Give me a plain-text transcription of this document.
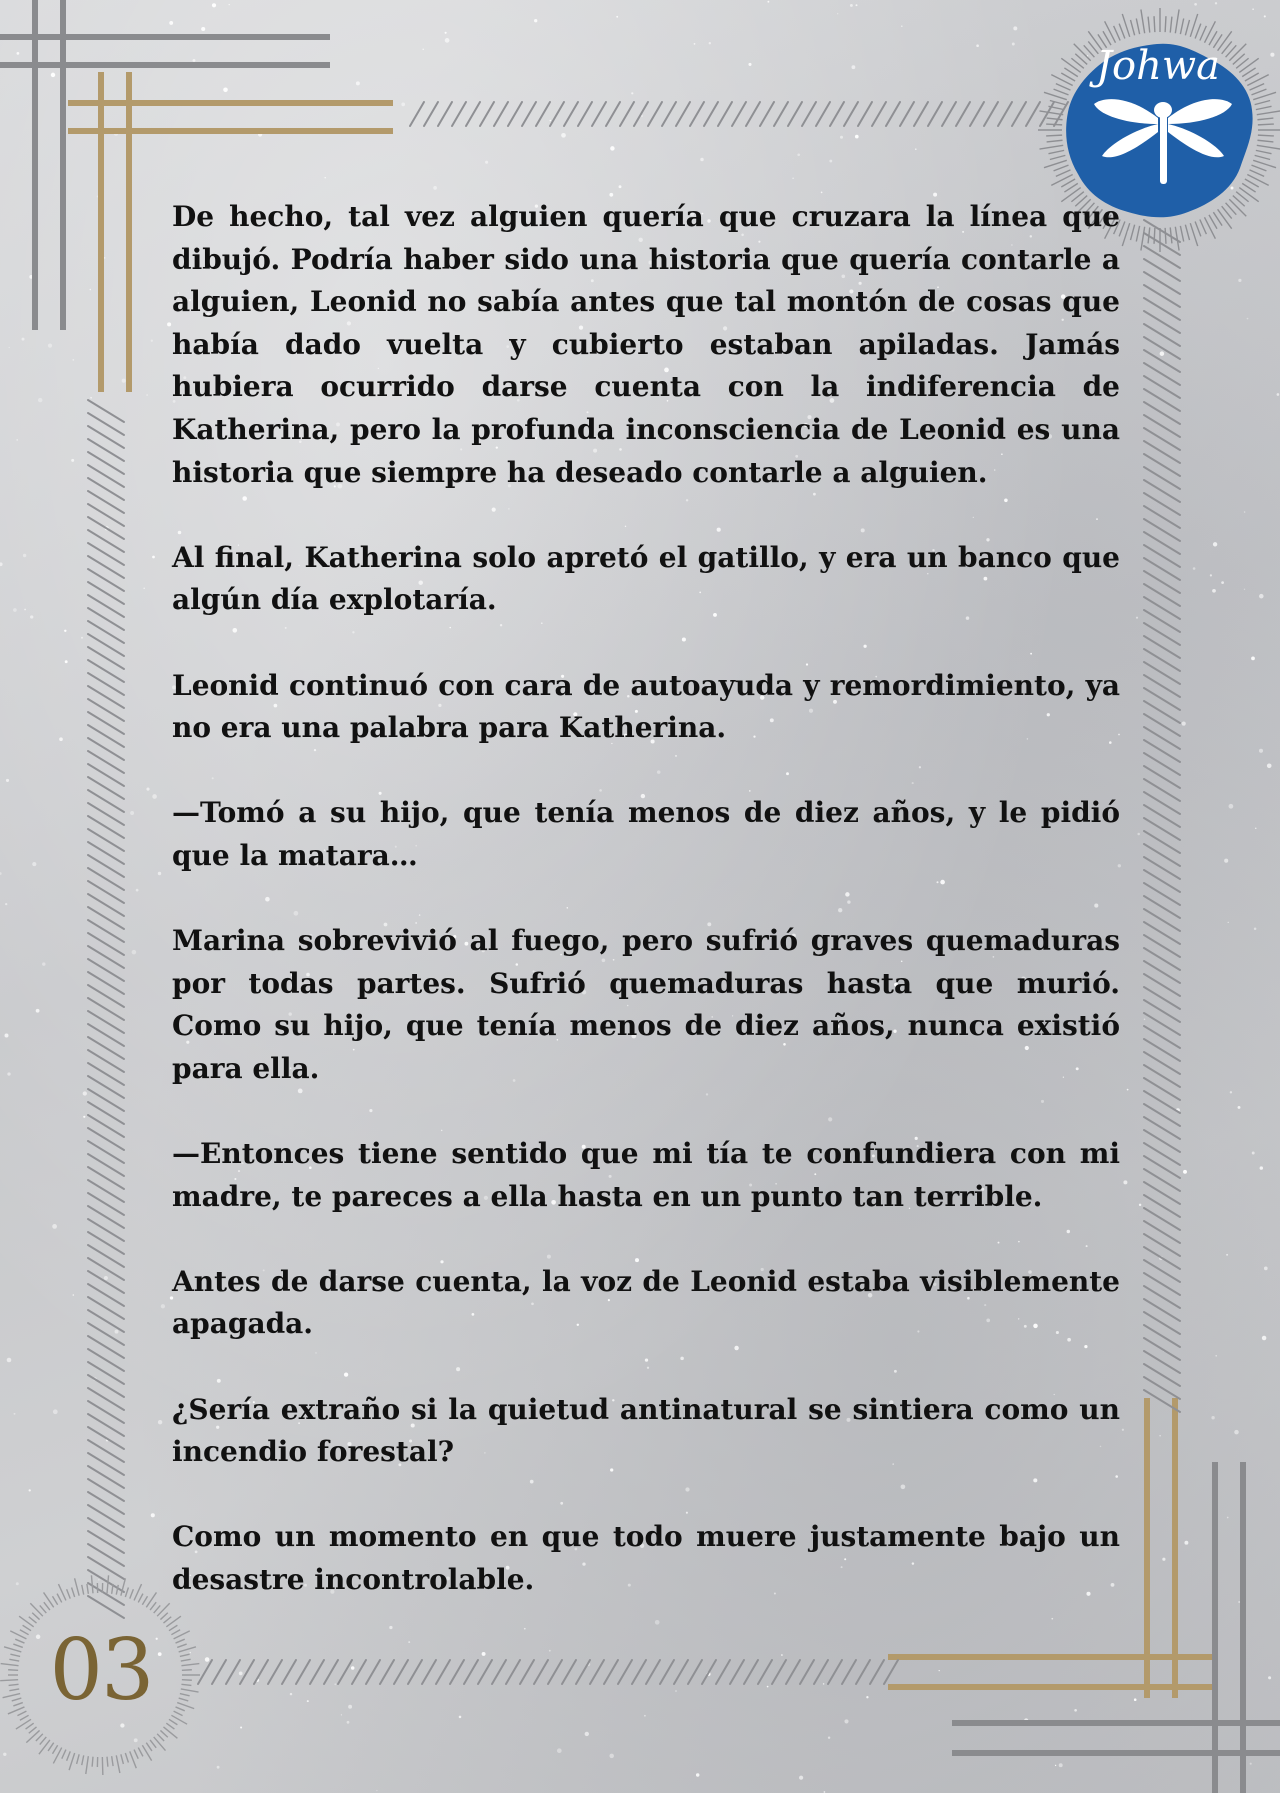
Johwa

De hecho, tal vez alguien quería que cruzara la línea que dibujó. Podría haber sido una historia que quería contarle a alguien, Leonid no sabía antes que tal montón de cosas que había dado vuelta y cubierto estaban apiladas. Jamás hubiera ocurrido darse cuenta con la indiferencia de Katherina, pero la profunda inconsciencia de Leonid es una historia que siempre ha deseado contarle a alguien.

Al final, Katherina solo apretó el gatillo, y era un banco que algún día explotaría.

Leonid continuó con cara de autoayuda y remordimiento, ya no era una palabra para Katherina.

—Tomó a su hijo, que tenía menos de diez años, y le pidió que la matara…

Marina sobrevivió al fuego, pero sufrió graves quemaduras por todas partes. Sufrió quemaduras hasta que murió. Como su hijo, que tenía menos de diez años, nunca existió para ella.

—Entonces tiene sentido que mi tía te confundiera con mi madre, te pareces a ella hasta en un punto tan terrible.

Antes de darse cuenta, la voz de Leonid estaba visiblemente apagada.

¿Sería extraño si la quietud antinatural se sintiera como un incendio forestal?

Como un momento en que todo muere justamente bajo un desastre incontrolable.

03
